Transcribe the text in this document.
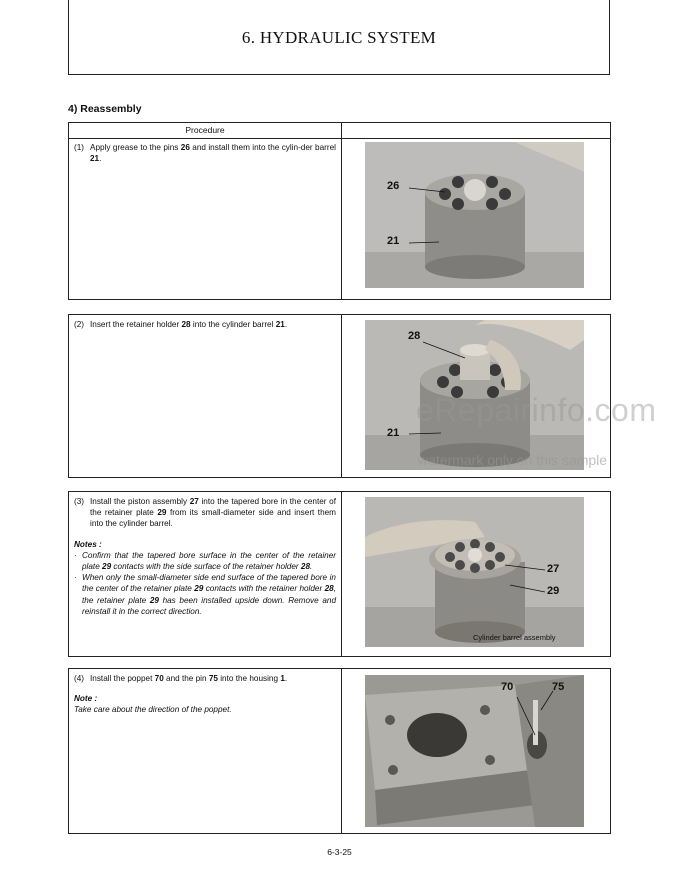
6. HYDRAULIC SYSTEM
4) Reassembly
Procedure
(1) Apply grease to the pins 26 and install them into the cylin-der barrel 21.
26
21
(2) Insert the retainer holder 28 into the cylinder barrel 21.
28
21
(3) Install the piston assembly 27 into the tapered bore in the center of the retainer plate 29 from its small-diameter side and insert them into the cylinder barrel.
Notes :
· Confirm that the tapered bore surface in the center of the retainer plate 29 contacts with the side surface of the retainer holder 28.
· When only the small-diameter side end surface of the tapered bore in the center of the retainer plate 29 contacts with the retainer holder 28, the retainer plate 29 has been installed upside down. Remove and reinstall it in the correct direction.
27
29
Cylinder barrel assembly
(4) Install the poppet 70 and the pin 75 into the housing 1.
Note :
Take care about the direction of the poppet.
70	75
eRepairinfo.com
watermark only on this sample
6-3-25
